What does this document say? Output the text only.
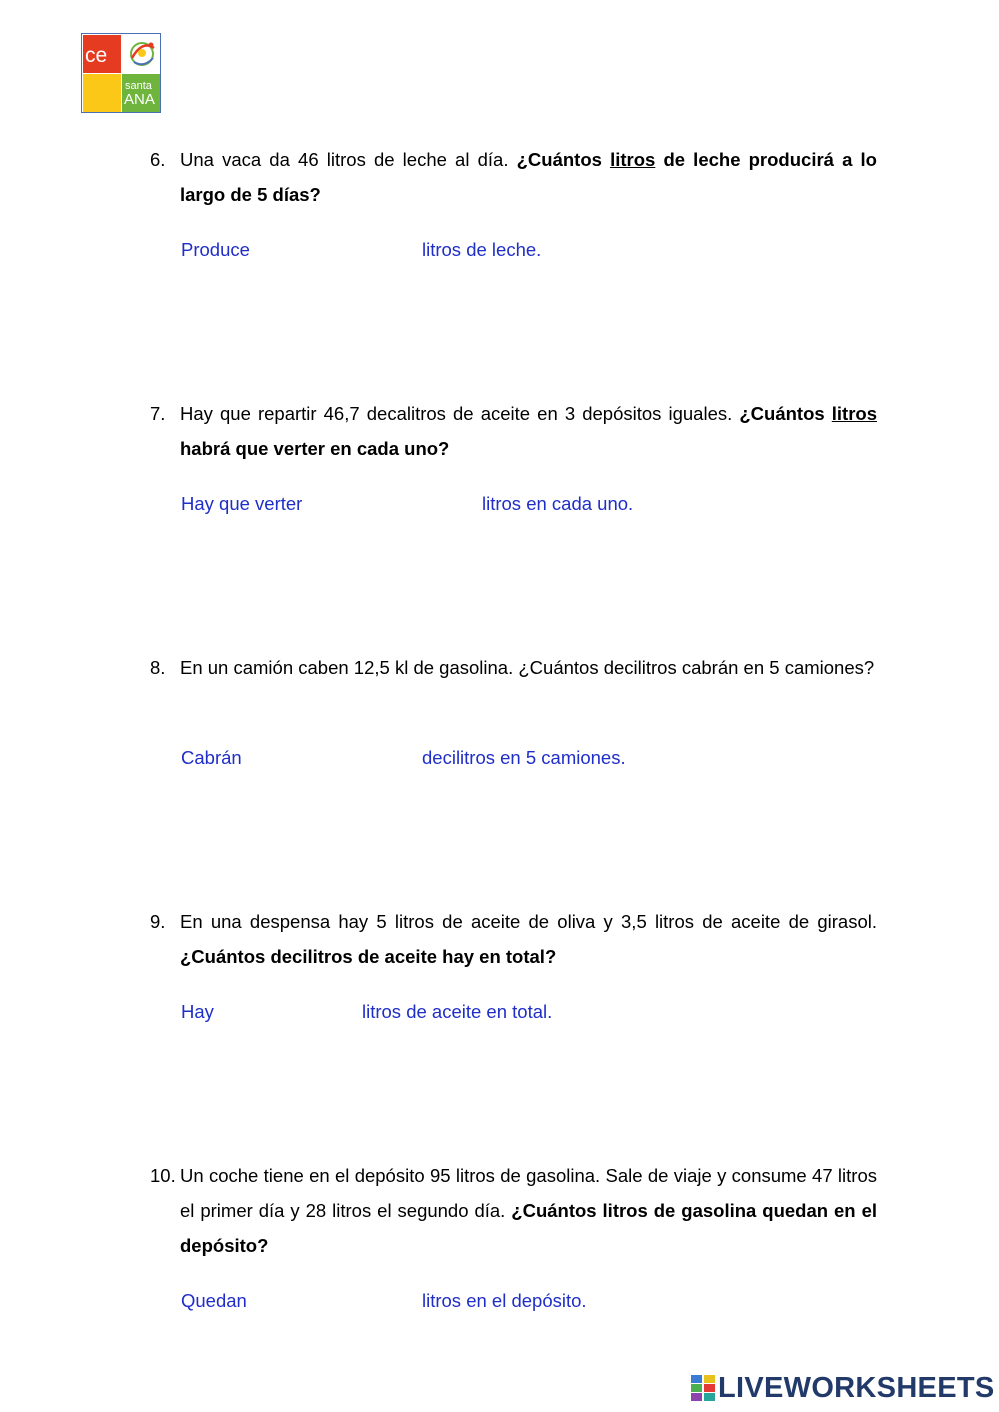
ce
santa
ANA
6. Una vaca da 46 litros de leche al día. ¿Cuántos litros de leche producirá a lo largo de 5 días?
Produce	litros de leche.
7. Hay que repartir 46,7 decalitros de aceite en 3 depósitos iguales. ¿Cuántos litros habrá que verter en cada uno?
Hay que verter	litros en cada uno.
8. En un camión caben 12,5 kl de gasolina. ¿Cuántos decilitros cabrán en 5 camiones?
Cabrán	decilitros en 5 camiones.
9. En una despensa hay 5 litros de aceite de oliva y 3,5 litros de aceite de girasol. ¿Cuántos decilitros de aceite hay en total?
Hay	litros de aceite en total.
10. Un coche tiene en el depósito 95 litros de gasolina. Sale de viaje y consume 47 litros el primer día y 28 litros el segundo día. ¿Cuántos litros de gasolina quedan en el depósito?
Quedan	litros en el depósito.
LIVEWORKSHEETS
